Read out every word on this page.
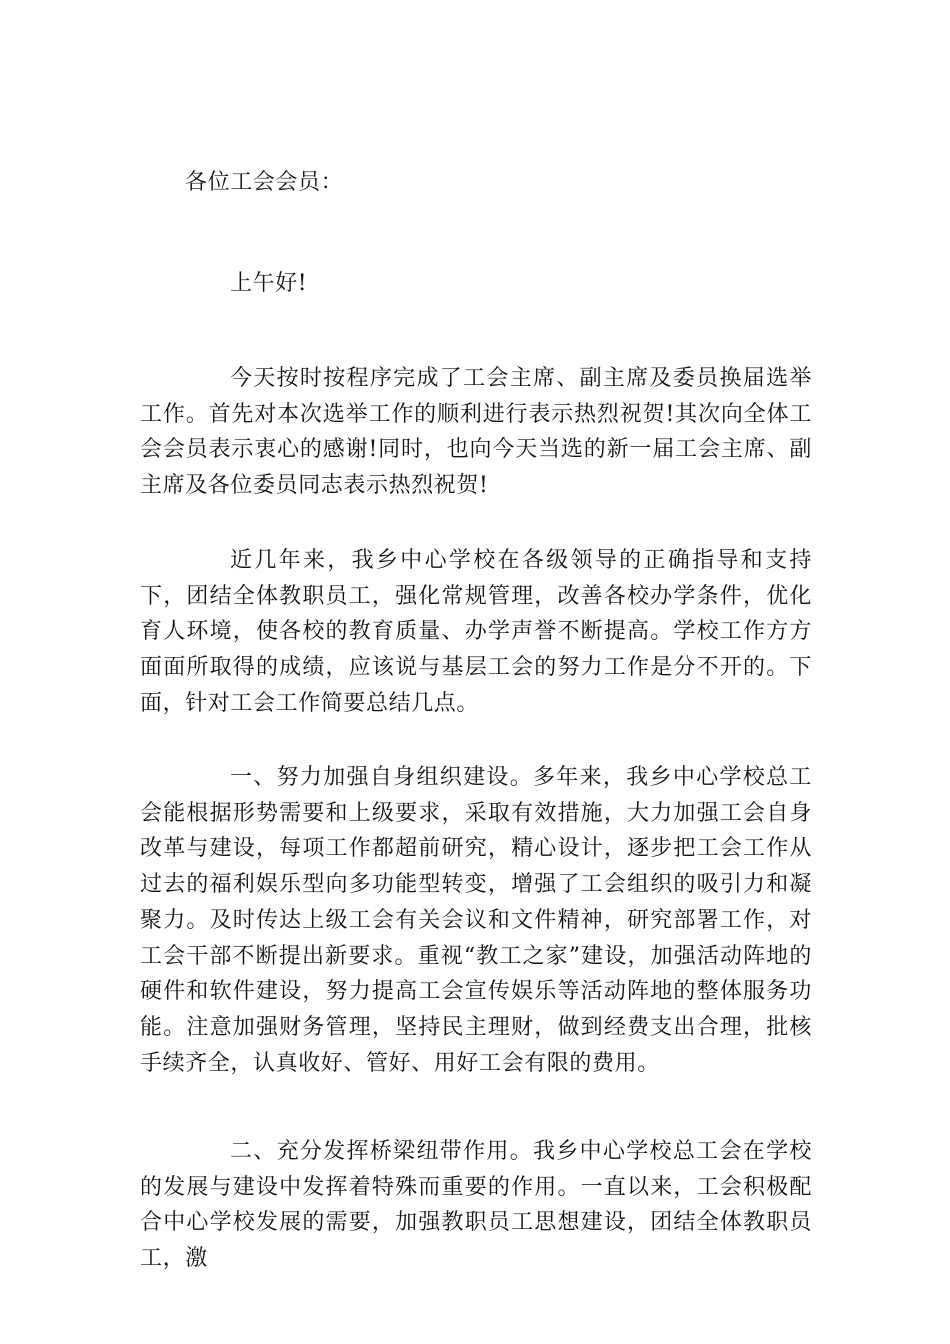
各位工会会员：
上午好!

今天按时按程序完成了工会主席、副主席及委员换届选举工作。首先对本次选举工作的顺利进行表示热烈祝贺!其次向全体工会会员表示衷心的感谢!同时，也向今天当选的新一届工会主席、副主席及各位委员同志表示热烈祝贺!

近几年来，我乡中心学校在各级领导的正确指导和支持下，团结全体教职员工，强化常规管理，改善各校办学条件，优化育人环境，使各校的教育质量、办学声誉不断提高。学校工作方方面面所取得的成绩，应该说与基层工会的努力工作是分不开的。下面，针对工会工作简要总结几点。

一、努力加强自身组织建设。多年来，我乡中心学校总工会能根据形势需要和上级要求，采取有效措施，大力加强工会自身改革与建设，每项工作都超前研究，精心设计，逐步把工会工作从过去的福利娱乐型向多功能型转变，增强了工会组织的吸引力和凝聚力。及时传达上级工会有关会议和文件精神，研究部署工作，对工会干部不断提出新要求。重视“教工之家”建设，加强活动阵地的硬件和软件建设，努力提高工会宣传娱乐等活动阵地的整体服务功能。注意加强财务管理，坚持民主理财，做到经费支出合理，批核手续齐全，认真收好、管好、用好工会有限的费用。

二、充分发挥桥梁纽带作用。我乡中心学校总工会在学校的发展与建设中发挥着特殊而重要的作用。一直以来，工会积极配合中心学校发展的需要，加强教职员工思想建设，团结全体教职员工，激
